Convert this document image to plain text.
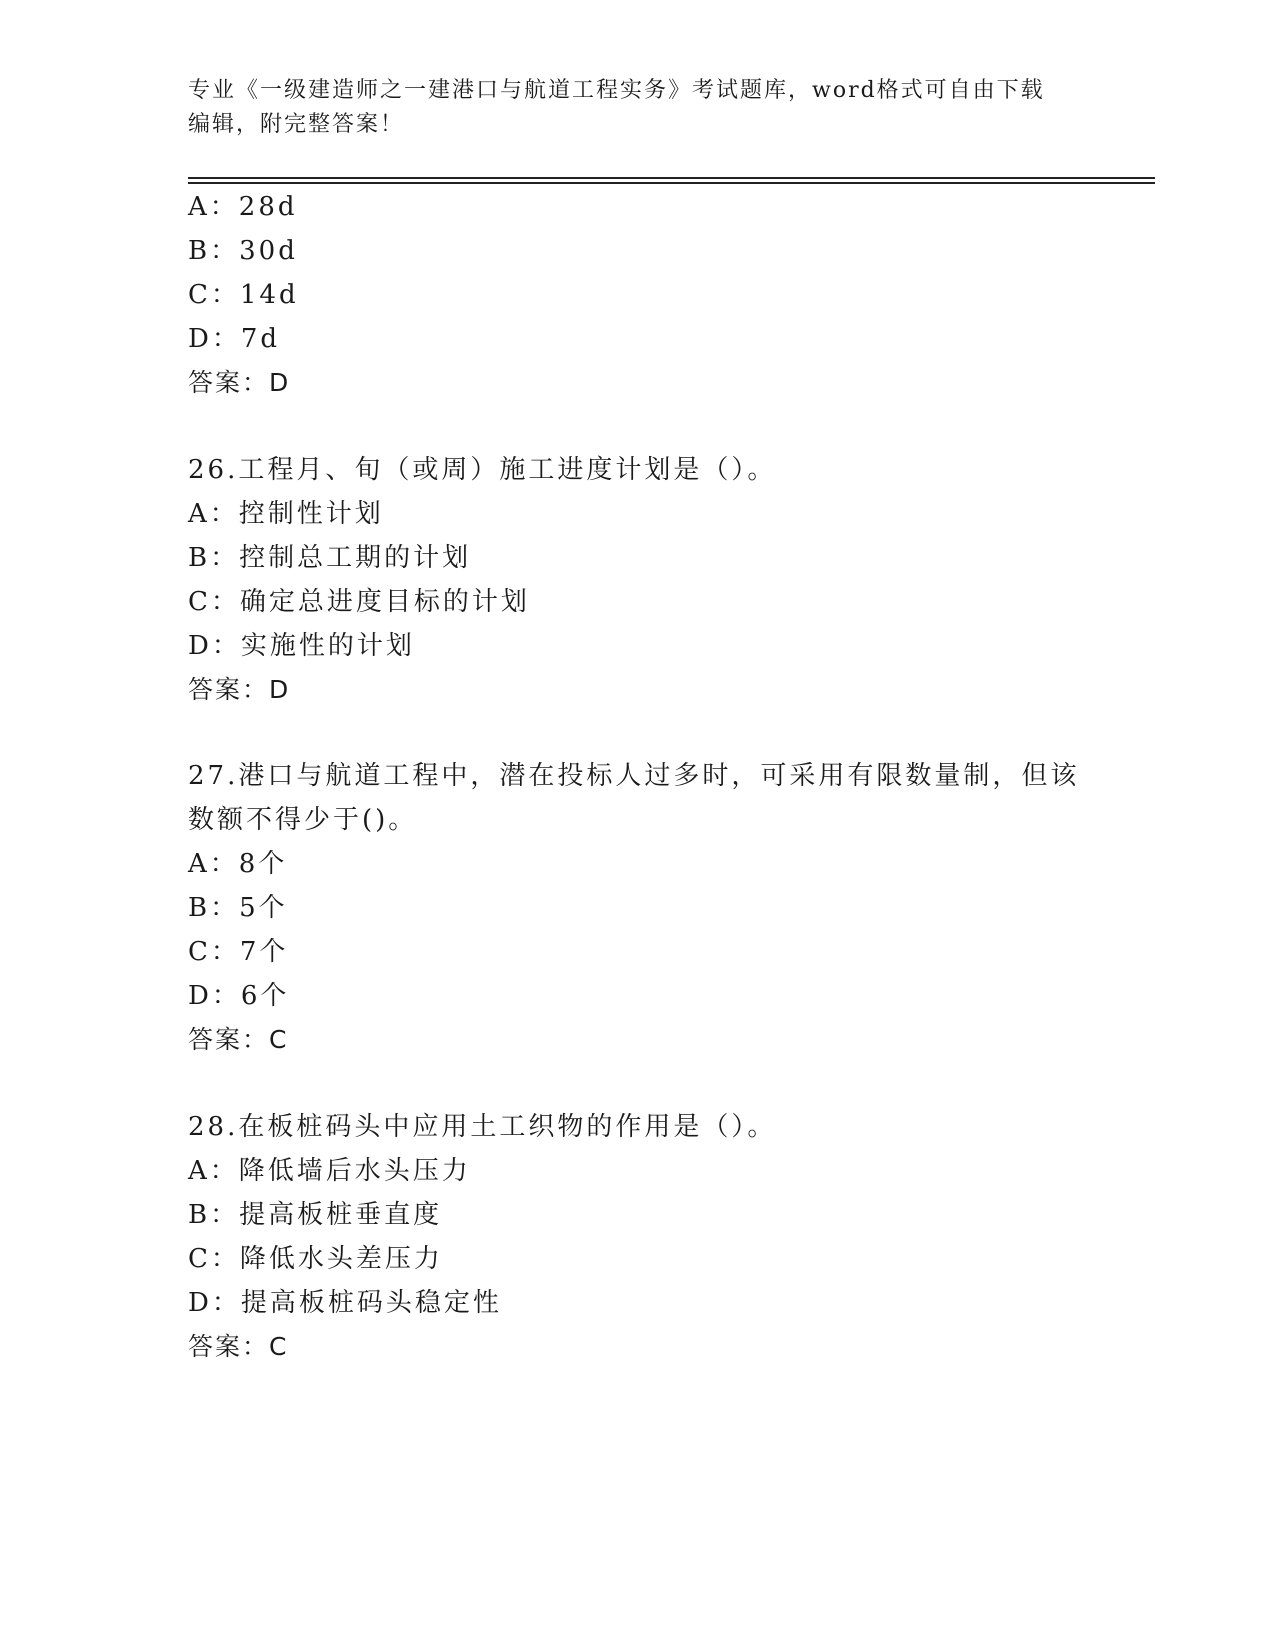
专业《一级建造师之一建港口与航道工程实务》考试题库，word格式可自由下载
编辑，附完整答案！
A：28d
B：30d
C：14d
D：7d
答案：D
26.工程月、旬（或周）施工进度计划是（）。
A：控制性计划
B：控制总工期的计划
C：确定总进度目标的计划
D：实施性的计划
答案：D
27.港口与航道工程中，潜在投标人过多时，可采用有限数量制，但该
数额不得少于()。
A：8个
B：5个
C：7个
D：6个
答案：C
28.在板桩码头中应用土工织物的作用是（）。
A：降低墙后水头压力
B：提高板桩垂直度
C：降低水头差压力
D：提高板桩码头稳定性
答案：C
